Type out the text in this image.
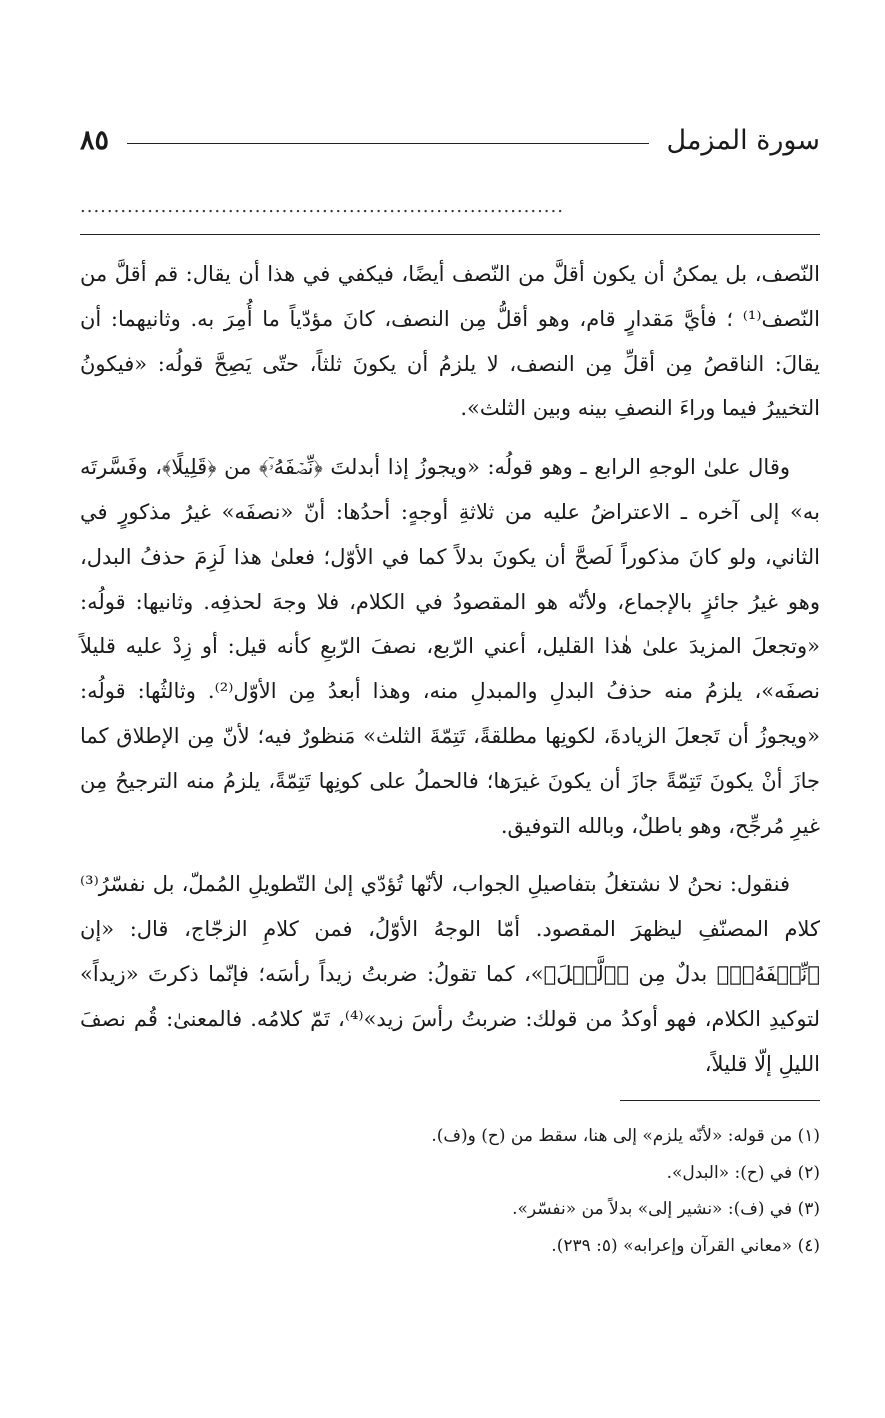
سورة المزمل
٨٥
........................................................................

النّصف، بل يمكنُ أن يكون أقلَّ من النّصف أيضًا، فيكفي في هذا أن يقال: قم أقلَّ من النّصف⁽¹⁾ ؛ فأيَّ مَقدارٍ قام، وهو أقلُّ مِن النصف، كانَ مؤدّياً ما أُمِرَ به. وثانيهما: أن يقالَ: الناقصُ مِن أقلِّ مِن النصف، لا يلزمُ أن يكونَ ثلثاً، حتّى يَصِحَّ قولُه: «فيكونُ التخييرُ فيما وراءَ النصفِ بينه وبين الثلث».

وقال علىٰ الوجهِ الرابع ـ وهو قولُه: «ويجوزُ إذا أبدلتَ ﴿نِّصۡفَهُۥٓ﴾ من ﴿قَلِيلًا﴾، وفَسَّرتَه به» إلى آخره ـ الاعتراضُ عليه من ثلاثةِ أوجهٍ: أحدُها: أنّ «نصفَه» غيرُ مذكورٍ في الثاني، ولو كانَ مذكوراً لَصحَّ أن يكونَ بدلاً كما في الأوّل؛ فعلىٰ هذا لَزِمَ حذفُ البدل، وهو غيرُ جائزٍ بالإجماع، ولأنّه هو المقصودُ في الكلام، فلا وجهَ لحذفِه. وثانيها: قولُه: «وتجعلَ المزيدَ علىٰ هٰذا القليل، أعني الرّبع، نصفَ الرّبعِ كأنه قيل: أو زِدْ عليه قليلاً نصفَه»، يلزمُ منه حذفُ البدلِ والمبدلِ منه، وهذا أبعدُ مِن الأوّل⁽²⁾. وثالثُها: قولُه: «ويجوزُ أن تَجعلَ الزيادةَ، لكونِها مطلقةً، تَتِمّةَ الثلث» مَنظورٌ فيه؛ لأنّ مِن الإطلاق كما جازَ أنْ يكونَ تَتِمّةً جازَ أن يكونَ غيرَها؛ فالحملُ على كونِها تَتِمّةً، يلزمُ منه الترجيحُ مِن غيرِ مُرجِّح، وهو باطلٌ، وبالله التوفيق.

فنقول: نحنُ لا نشتغلُ بتفاصيلِ الجواب، لأنّها تُؤدّي إلىٰ التّطويلِ المُملّ، بل نفسّرُ⁽³⁾ كلام المصنّفِ ليظهرَ المقصود. أمّا الوجهُ الأوّلُ، فمن كلامِ الزجّاج، قال: «إن ﴿نِّصۡفَهُۥٓ﴾ بدلٌ مِن ﴿ٱلَّيۡلَ﴾»، كما تقولُ: ضربتُ زيداً رأسَه؛ فإنّما ذكرتَ «زيداً» لتوكيدِ الكلام، فهو أوكدُ من قولك: ضربتُ رأسَ زيد»⁽⁴⁾، تَمّ كلامُه. فالمعنىٰ: قُم نصفَ الليلِ إلّا قليلاً،

(١) من قوله: «لأنّه يلزم» إلى هنا، سقط من (ح) و(ف).

(٢) في (ح): «البدل».

(٣) في (ف): «نشير إلى» بدلاً من «نفسّر».

(٤) «معاني القرآن وإعرابه» (٥: ٢٣٩).
